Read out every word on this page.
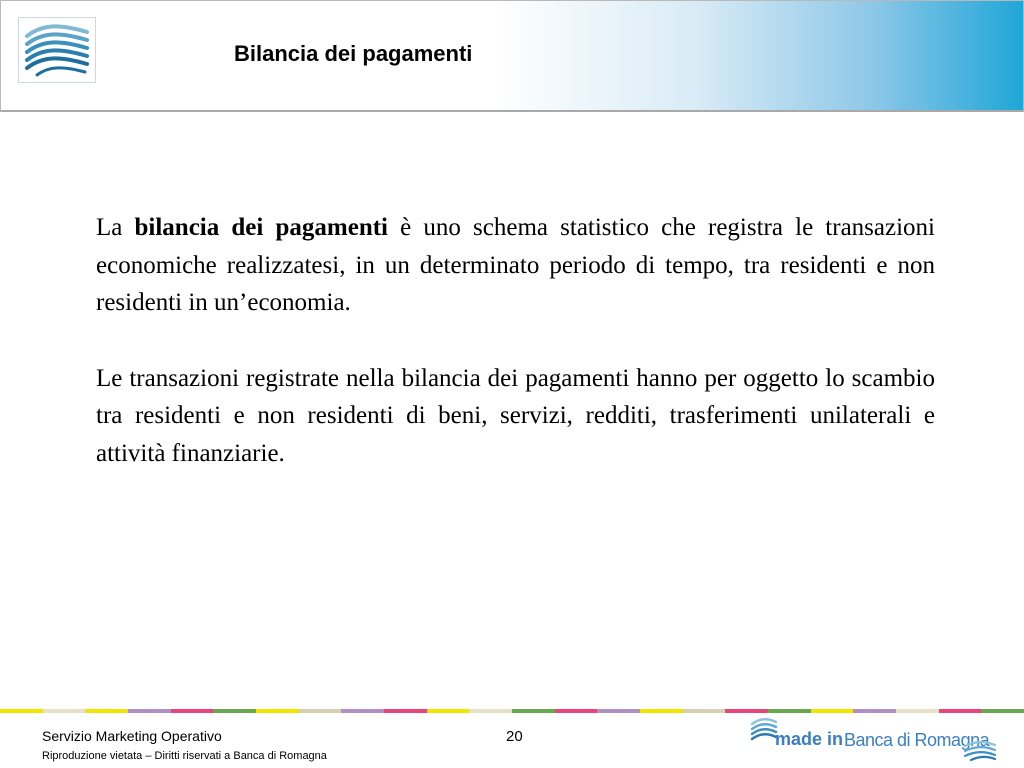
Bilancia dei pagamenti

La bilancia dei pagamenti è uno schema statistico che registra le transazioni economiche realizzatesi, in un determinato periodo di tempo, tra residenti e non residenti in un’economia.

Le transazioni registrate nella bilancia dei pagamenti hanno per oggetto lo scambio tra residenti e non residenti di beni, servizi, redditi, trasferimenti unilaterali e attività finanziarie.

Servizio Marketing Operativo
Riproduzione vietata – Diritti riservati a Banca di Romagna
20	made in Banca di Romagna
